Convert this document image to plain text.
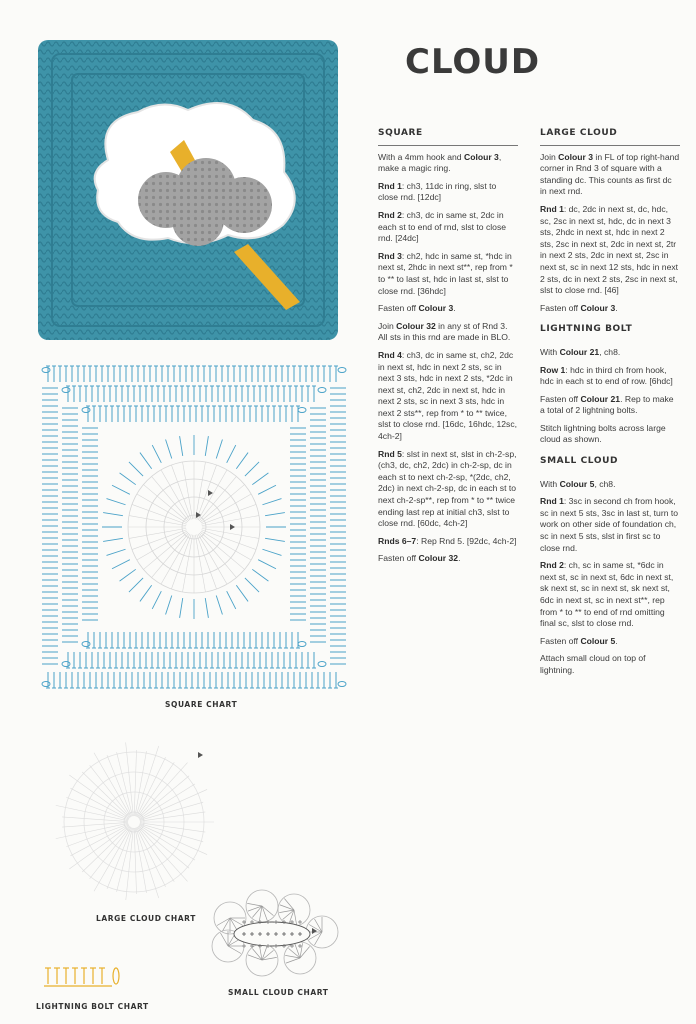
CLOUD
SQUARE

With a 4mm hook and Colour 3, make a magic ring.

Rnd 1: ch3, 11dc in ring, slst to close rnd. [12dc]

Rnd 2: ch3, dc in same st, 2dc in each st to end of rnd, slst to close rnd. [24dc]

Rnd 3: ch2, hdc in same st, *hdc in next st, 2hdc in next st**, rep from * to ** to last st, hdc in last st, slst to close rnd. [36hdc]

Fasten off Colour 3.

Join Colour 32 in any st of Rnd 3. All sts in this rnd are made in BLO.

Rnd 4: ch3, dc in same st, ch2, 2dc in next st, hdc in next 2 sts, sc in next 3 sts, hdc in next 2 sts, *2dc in next st, ch2, 2dc in next st, hdc in next 2 sts, sc in next 3 sts, hdc in next 2 sts**, rep from * to ** twice, slst to close rnd. [16dc, 16hdc, 12sc, 4ch-2]

Rnd 5: slst in next st, slst in ch-2-sp, (ch3, dc, ch2, 2dc) in ch-2-sp, dc in each st to next ch-2-sp, *(2dc, ch2, 2dc) in next ch-2-sp, dc in each st to next ch-2-sp**, rep from * to ** twice ending last rep at initial ch3, slst to close rnd. [60dc, 4ch-2]

Rnds 6–7: Rep Rnd 5. [92dc, 4ch-2]

Fasten off Colour 32.

LARGE CLOUD

Join Colour 3 in FL of top right-hand corner in Rnd 3 of square with a standing dc. This counts as first dc in next rnd.

Rnd 1: dc, 2dc in next st, dc, hdc, sc, 2sc in next st, hdc, dc in next 3 sts, 2hdc in next st, hdc in next 2 sts, 2sc in next st, 2dc in next st, 2tr in next 2 sts, 2dc in next st, 2sc in next st, sc in next 12 sts, hdc in next 2 sts, dc in next 2 sts, 2sc in next st, slst to close rnd. [46]

Fasten off Colour 3.

LIGHTNING BOLT

With Colour 21, ch8.

Row 1: hdc in third ch from hook, hdc in each st to end of row. [6hdc]

Fasten off Colour 21. Rep to make a total of 2 lightning bolts.

Stitch lightning bolts across large cloud as shown.

SMALL CLOUD

With Colour 5, ch8.

Rnd 1: 3sc in second ch from hook, sc in next 5 sts, 3sc in last st, turn to work on other side of foundation ch, sc in next 5 sts, slst in first sc to close rnd.

Rnd 2: ch, sc in same st, *6dc in next st, sc in next st, 6dc in next st, sk next st, sc in next st, sk next st, 6dc in next st, sc in next st**, rep from * to ** to end of rnd omitting final sc, slst to close rnd.

Fasten off Colour 5.

Attach small cloud on top of lightning.

SQUARE CHART
LARGE CLOUD CHART
SMALL CLOUD CHART
LIGHTNING BOLT CHART
